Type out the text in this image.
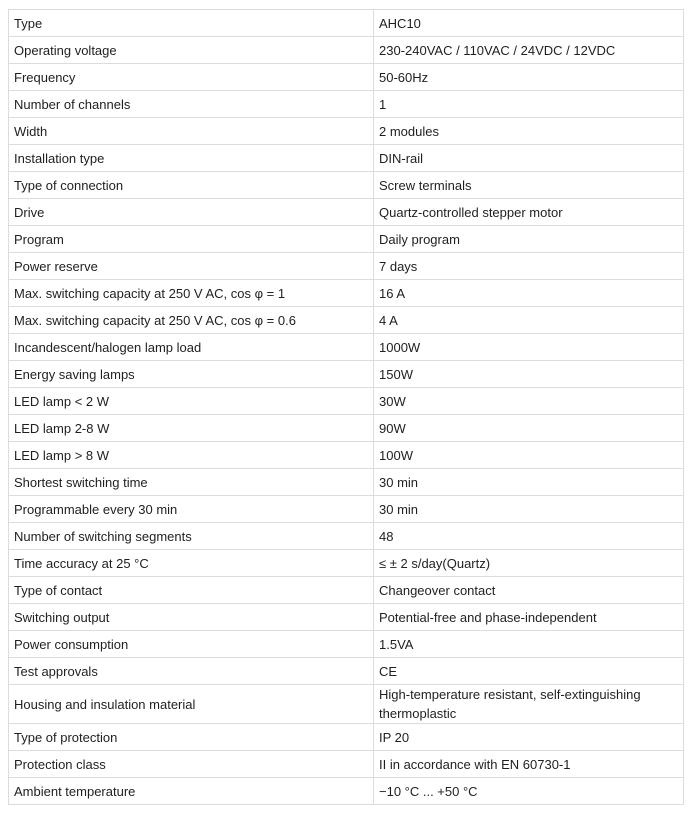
Type	AHC10
Operating voltage	230-240VAC / 110VAC / 24VDC / 12VDC
Frequency	50-60Hz
Number of channels	1
Width	2 modules
Installation type	DIN-rail
Type of connection	Screw terminals
Drive	Quartz-controlled stepper motor
Program	Daily program
Power reserve	7 days
Max. switching capacity at 250 V AC, cos φ = 1	16 A
Max. switching capacity at 250 V AC, cos φ = 0.6	4 A
Incandescent/halogen lamp load	1000W
Energy saving lamps	150W
LED lamp < 2 W	30W
LED lamp 2-8 W	90W
LED lamp > 8 W	100W
Shortest switching time	30 min
Programmable every 30 min	30 min
Number of switching segments	48
Time accuracy at 25 °C	≤ ± 2 s/day(Quartz)
Type of contact	Changeover contact
Switching output	Potential-free and phase-independent
Power consumption	1.5VA
Test approvals	CE
Housing and insulation material	High-temperature resistant, self-extinguishing thermoplastic
Type of protection	IP 20
Protection class	II in accordance with EN 60730-1
Ambient temperature	−10 °C ... +50 °C
